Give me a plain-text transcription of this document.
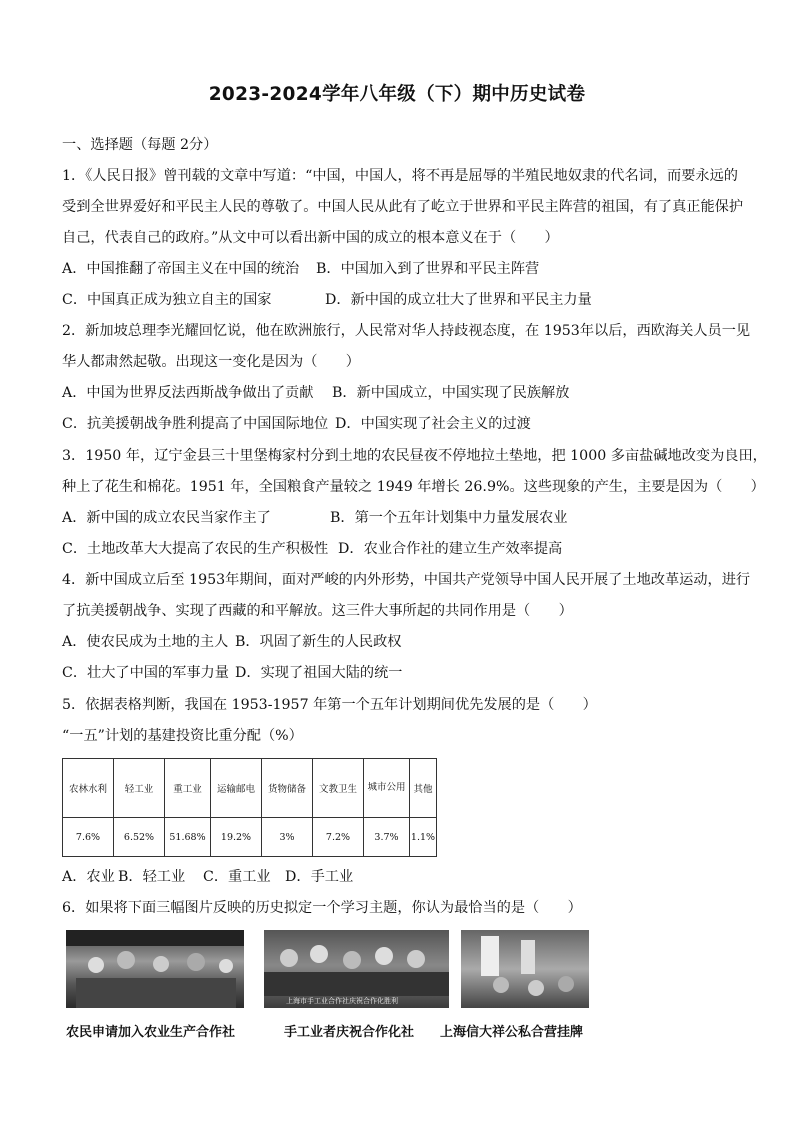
2023-2024学年八年级（下）期中历史试卷
一、选择题（每题 2分）
1．《人民日报》曾刊载的文章中写道：“中国，中国人，将不再是屈辱的半殖民地奴隶的代名词，而要永远的
受到全世界爱好和平民主人民的尊敬了。中国人民从此有了屹立于世界和平民主阵营的祖国，有了真正能保护
自己，代表自己的政府。”从文中可以看出新中国的成立的根本意义在于（　　）
A．中国推翻了帝国主义在中国的统治 B．中国加入到了世界和平民主阵营
C．中国真正成为独立自主的国家	D．新中国的成立壮大了世界和平民主力量
2．新加坡总理李光耀回忆说，他在欧洲旅行，人民常对华人持歧视态度，在 1953年以后，西欧海关人员一见
华人都肃然起敬。出现这一变化是因为（　　）
A．中国为世界反法西斯战争做出了贡献 B．新中国成立，中国实现了民族解放
C．抗美援朝战争胜利提高了中国国际地位 D．中国实现了社会主义的过渡
3．1950 年，辽宁金县三十里堡梅家村分到土地的农民昼夜不停地拉土垫地，把 1000 多亩盐碱地改变为良田，
种上了花生和棉花。1951 年，全国粮食产量较之 1949 年增长 26.9%。这些现象的产生，主要是因为（　　）
A．新中国的成立农民当家作主了	B．第一个五年计划集中力量发展农业
C．土地改革大大提高了农民的生产积极性 D．农业合作社的建立生产效率提高
4．新中国成立后至 1953年期间，面对严峻的内外形势，中国共产党领导中国人民开展了土地改革运动，进行
了抗美援朝战争、实现了西藏的和平解放。这三件大事所起的共同作用是（　　）
A．使农民成为土地的主人 B．巩固了新生的人民政权
C．壮大了中国的军事力量 D．实现了祖国大陆的统一
5．依据表格判断，我国在 1953-1957 年第一个五年计划期间优先发展的是（　　）
“一五”计划的基建投资比重分配（%）
农林水利	轻工业	重工业	运输邮电	货物储备	文教卫生	城市公用	其他
7.6%	6.52%	51.68%	19.2%	3%	7.2%	3.7%	1.1%
A．农业 B．轻工业 C．重工业 D．手工业
6．如果将下面三幅图片反映的历史拟定一个学习主题，你认为最恰当的是（　　）
上海市手工业合作社庆祝合作化胜利
农民申请加入农业生产合作社	手工业者庆祝合作化社 上海信大祥公私合营挂牌
